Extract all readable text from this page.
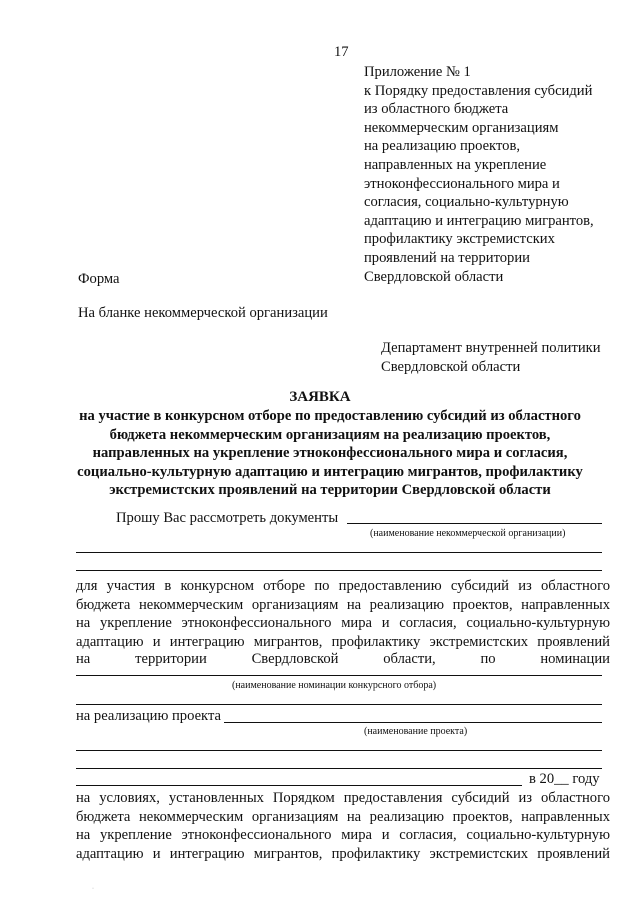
17
Приложение № 1
к Порядку предоставления субсидий
из областного бюджета
некоммерческим организациям
на реализацию проектов,
направленных на укрепление
этноконфессионального мира и
согласия, социально-культурную
адаптацию и интеграцию мигрантов,
профилактику экстремистских
проявлений на территории
Свердловской области
Форма
На бланке некоммерческой организации
Департамент внутренней политики
Свердловской области
ЗАЯВКА
на участие в конкурсном отборе по предоставлению субсидий из областного
бюджета некоммерческим организациям на реализацию проектов,
направленных на укрепление этноконфессионального мира и согласия,
социально-культурную адаптацию и интеграцию мигрантов, профилактику
экстремистских проявлений на территории Свердловской области
Прошу Вас рассмотреть документы
(наименование некоммерческой организации)
для участия в конкурсном отборе по предоставлению субсидий из областного
бюджета некоммерческим организациям на реализацию проектов, направленных
на укрепление этноконфессионального мира и согласия, социально-культурную
адаптацию и интеграцию мигрантов, профилактику экстремистских проявлений
на	территории	Свердловской	области,	по	номинации
(наименование номинации конкурсного отбора)
на реализацию проекта
(наименование проекта)
в 20__ году
на условиях, установленных Порядком предоставления субсидий из областного
бюджета некоммерческим организациям на реализацию проектов, направленных
на укрепление этноконфессионального мира и согласия, социально-культурную
адаптацию и интеграцию мигрантов, профилактику экстремистских проявлений
·
